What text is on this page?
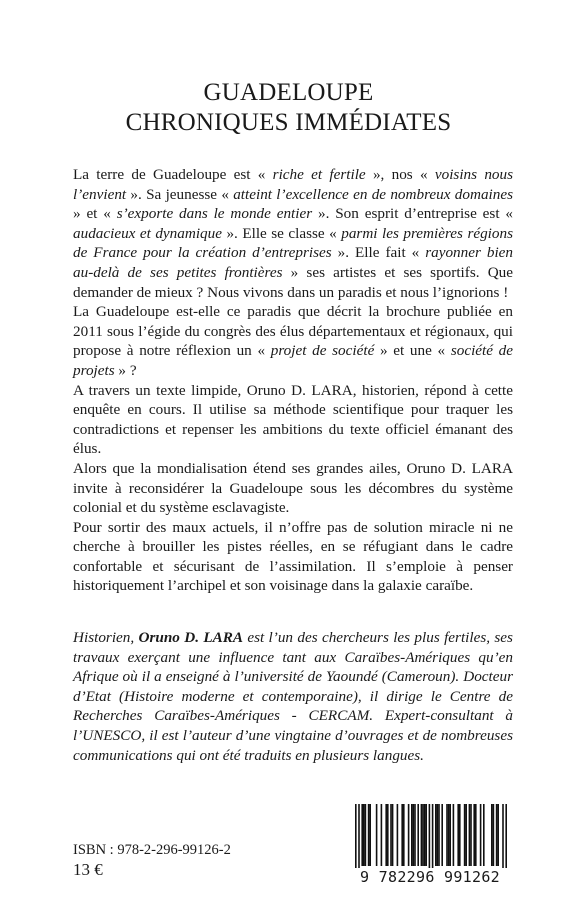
GUADELOUPE
CHRONIQUES IMMÉDIATES

La terre de Guadeloupe est « riche et fertile », nos « voisins nous l’envient ». Sa jeunesse « atteint l’excellence en de nombreux domaines » et « s’exporte dans le monde entier ». Son esprit d’entreprise est « audacieux et dynamique ». Elle se classe « parmi les premières régions de France pour la création d’entreprises ». Elle fait « rayonner bien au-delà de ses petites frontières » ses artistes et ses sportifs. Que demander de mieux ? Nous vivons dans un paradis et nous l’ignorions !

La Guadeloupe est-elle ce paradis que décrit la brochure publiée en 2011 sous l’égide du congrès des élus départementaux et régionaux, qui propose à notre réflexion un « projet de société » et une « société de projets » ?

A travers un texte limpide, Oruno D. LARA, historien, répond à cette enquête en cours. Il utilise sa méthode scientifique pour traquer les contradictions et repenser les ambitions du texte officiel émanant des élus.

Alors que la mondialisation étend ses grandes ailes, Oruno D. LARA invite à reconsidérer la Guadeloupe sous les décombres du système colonial et du système esclavagiste.

Pour sortir des maux actuels, il n’offre pas de solution miracle ni ne cherche à brouiller les pistes réelles, en se réfugiant dans le cadre confortable et sécurisant de l’assimilation. Il s’emploie à penser historiquement l’archipel et son voisinage dans la galaxie caraïbe.

Historien, Oruno D. LARA est l’un des chercheurs les plus fertiles, ses travaux exerçant une influence tant aux Caraïbes-Amériques qu’en Afrique où il a enseigné à l’université de Yaoundé (Cameroun). Docteur d’Etat (Histoire moderne et contemporaine), il dirige le Centre de Recherches Caraïbes-Amériques - CERCAM. Expert-consultant à l’UNESCO, il est l’auteur d’une vingtaine d’ouvrages et de nombreuses communications qui ont été traduits en plusieurs langues.
ISBN : 978-2-296-99126-2
13 €	9 782296 991262
